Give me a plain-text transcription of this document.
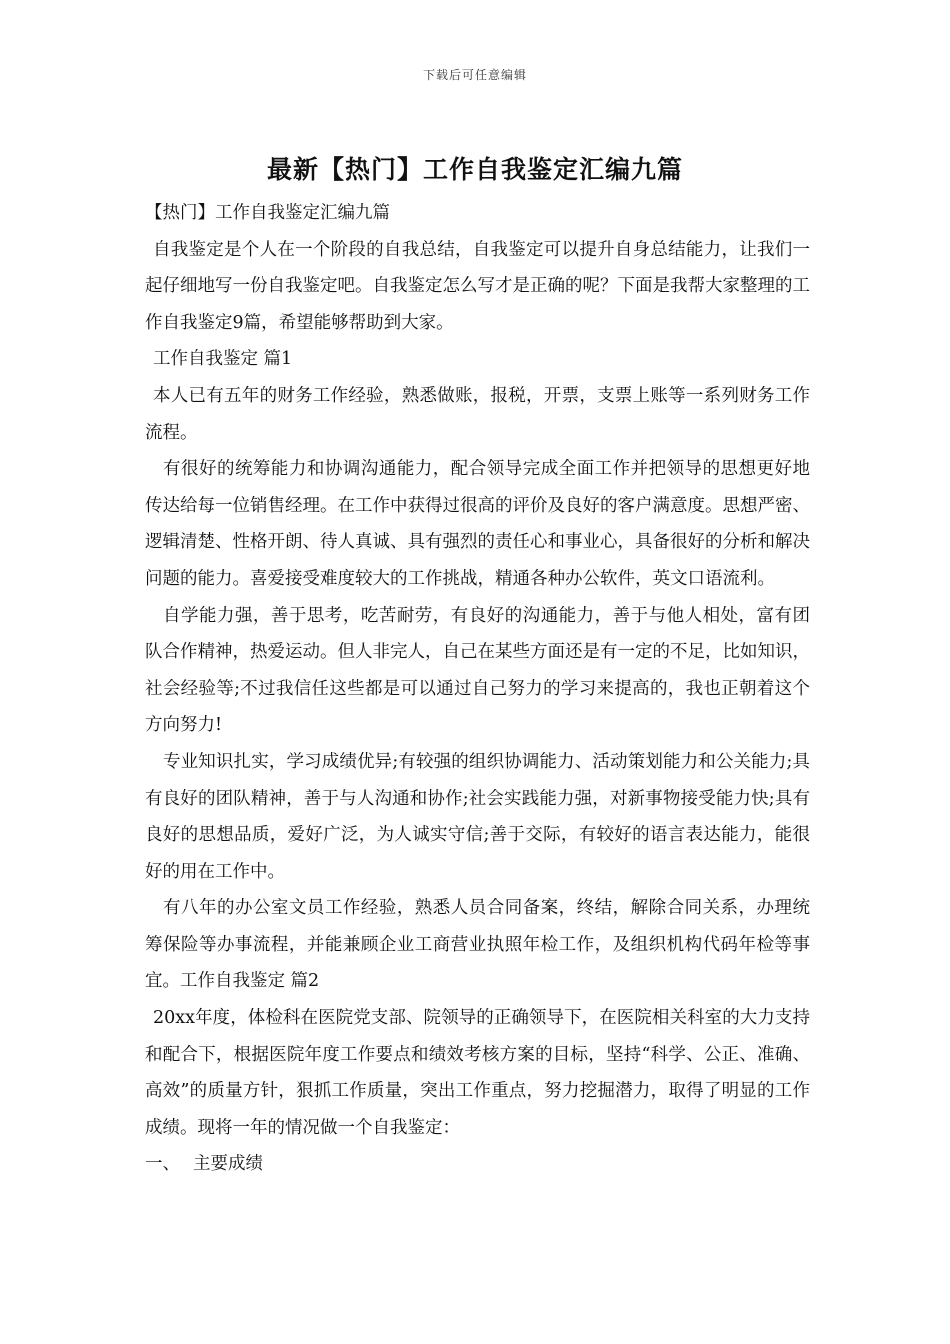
下载后可任意编辑
最新【热门】工作自我鉴定汇编九篇

【热门】工作自我鉴定汇编九篇

自我鉴定是个人在一个阶段的自我总结，自我鉴定可以提升自身总结能力，让我们一起仔细地写一份自我鉴定吧。自我鉴定怎么写才是正确的呢？下面是我帮大家整理的工作自我鉴定9篇，希望能够帮助到大家。

工作自我鉴定 篇1

本人已有五年的财务工作经验，熟悉做账，报税，开票，支票上账等一系列财务工作流程。

有很好的统筹能力和协调沟通能力，配合领导完成全面工作并把领导的思想更好地传达给每一位销售经理。在工作中获得过很高的评价及良好的客户满意度。思想严密、逻辑清楚、性格开朗、待人真诚、具有强烈的责任心和事业心，具备很好的分析和解决问题的能力。喜爱接受难度较大的工作挑战，精通各种办公软件，英文口语流利。

自学能力强，善于思考，吃苦耐劳，有良好的沟通能力，善于与他人相处，富有团队合作精神，热爱运动。但人非完人，自己在某些方面还是有一定的不足，比如知识，社会经验等;不过我信任这些都是可以通过自己努力的学习来提高的，我也正朝着这个方向努力!

专业知识扎实，学习成绩优异;有较强的组织协调能力、活动策划能力和公关能力;具有良好的团队精神，善于与人沟通和协作;社会实践能力强，对新事物接受能力快;具有良好的思想品质，爱好广泛，为人诚实守信;善于交际，有较好的语言表达能力，能很好的用在工作中。

有八年的办公室文员工作经验，熟悉人员合同备案，终结，解除合同关系，办理统筹保险等办事流程，并能兼顾企业工商营业执照年检工作，及组织机构代码年检等事宜。工作自我鉴定 篇2

20xx年度，体检科在医院党支部、院领导的正确领导下，在医院相关科室的大力支持和配合下，根据医院年度工作要点和绩效考核方案的目标，坚持“科学、公正、准确、高效”的质量方针，狠抓工作质量，突出工作重点，努力挖掘潜力，取得了明显的工作成绩。现将一年的情况做一个自我鉴定：

一、 主要成绩
